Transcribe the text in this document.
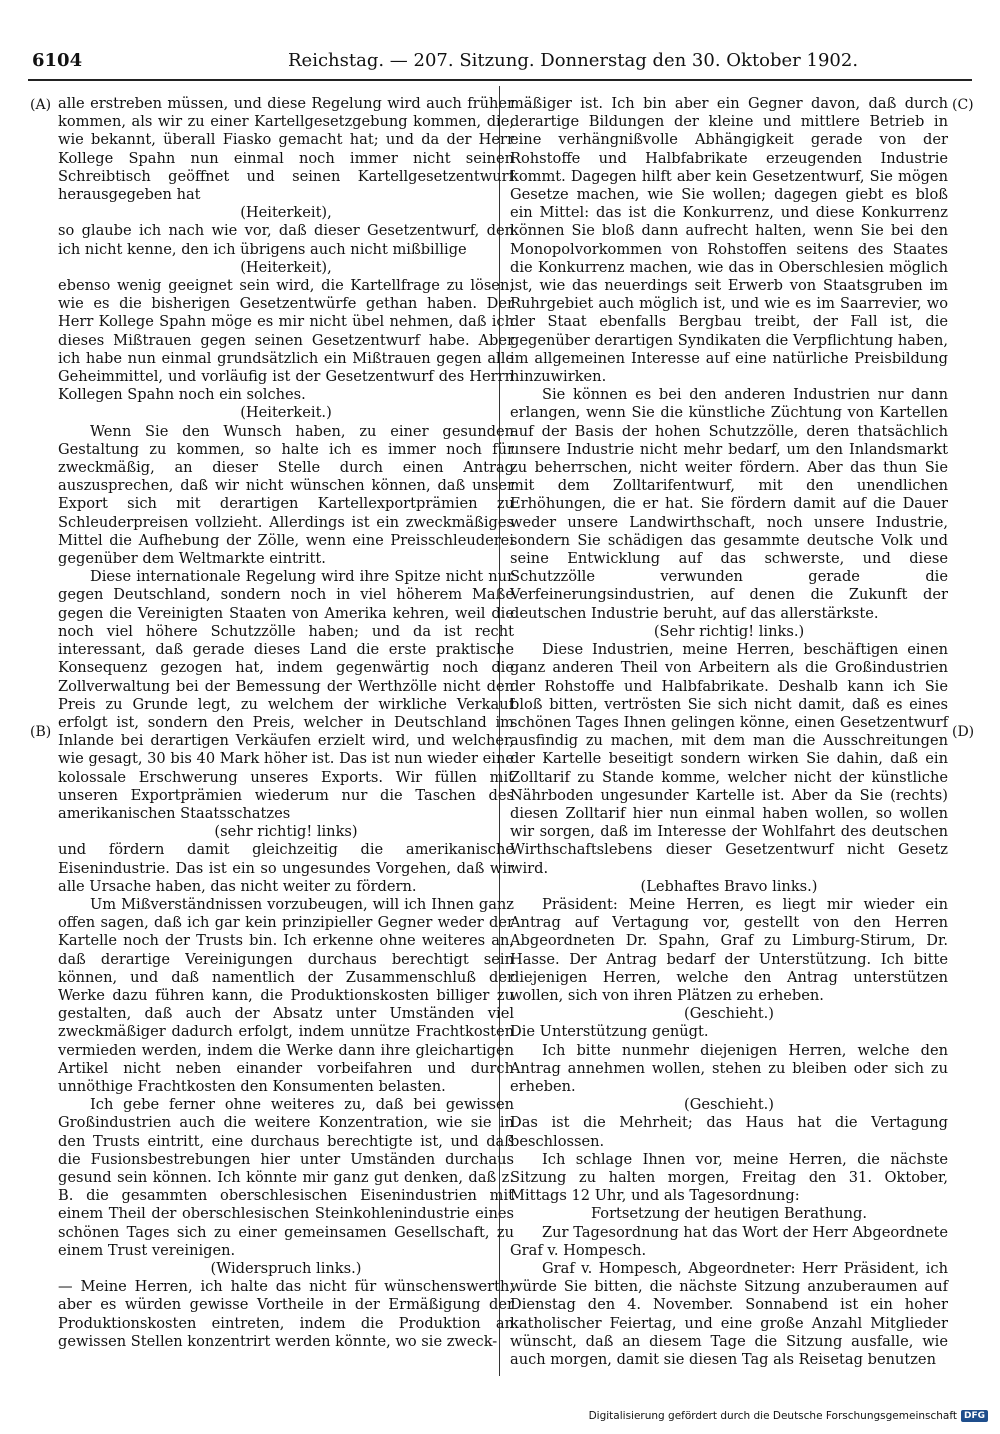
6104	Reichstag. — 207. Sitzung. Donnerstag den 30. Oktober 1902.
(A)
(B)
(C)
(D)

alle erstreben müssen, und diese Regelung wird auch früher kommen, als wir zu einer Kartellgesetzgebung kommen, die, wie bekannt, überall Fiasko gemacht hat; und da der Herr Kollege Spahn nun einmal noch immer nicht seinen Schreibtisch geöffnet und seinen Kartellgesetzentwurf herausgegeben hat

(Heiterkeit),

so glaube ich nach wie vor, daß dieser Gesetzentwurf, den ich nicht kenne, den ich übrigens auch nicht mißbillige

(Heiterkeit),

ebenso wenig geeignet sein wird, die Kartellfrage zu lösen, wie es die bisherigen Gesetzentwürfe gethan haben. Der Herr Kollege Spahn möge es mir nicht übel nehmen, daß ich dieses Mißtrauen gegen seinen Gesetzentwurf habe. Aber ich habe nun einmal grundsätzlich ein Mißtrauen gegen alle Geheimmittel, und vorläufig ist der Gesetzentwurf des Herrn Kollegen Spahn noch ein solches.

(Heiterkeit.)

Wenn Sie den Wunsch haben, zu einer gesunden Gestaltung zu kommen, so halte ich es immer noch für zweckmäßig, an dieser Stelle durch einen Antrag auszusprechen, daß wir nicht wünschen können, daß unser Export sich mit derartigen Kartellexportprämien zu Schleuderpreisen vollzieht. Allerdings ist ein zweckmäßiges Mittel die Aufhebung der Zölle, wenn eine Preisschleuderei gegenüber dem Weltmarkte eintritt.

Diese internationale Regelung wird ihre Spitze nicht nur gegen Deutschland, sondern noch in viel höherem Maße gegen die Vereinigten Staaten von Amerika kehren, weil die noch viel höhere Schutzzölle haben; und da ist recht interessant, daß gerade dieses Land die erste praktische Konsequenz gezogen hat, indem gegenwärtig noch die Zollverwaltung bei der Bemessung der Werthzölle nicht den Preis zu Grunde legt, zu welchem der wirkliche Verkauf erfolgt ist, sondern den Preis, welcher in Deutschland im Inlande bei derartigen Verkäufen erzielt wird, und welcher, wie gesagt, 30 bis 40 Mark höher ist. Das ist nun wieder eine kolossale Erschwerung unseres Exports. Wir füllen mit unseren Exportprämien wiederum nur die Taschen des amerikanischen Staatsschatzes

(sehr richtig! links)

und fördern damit gleichzeitig die amerikanische Eisenindustrie. Das ist ein so ungesundes Vorgehen, daß wir alle Ursache haben, das nicht weiter zu fördern.

Um Mißverständnissen vorzubeugen, will ich Ihnen ganz offen sagen, daß ich gar kein prinzipieller Gegner weder der Kartelle noch der Trusts bin. Ich erkenne ohne weiteres an, daß derartige Vereinigungen durchaus berechtigt sein können, und daß namentlich der Zusammenschluß der Werke dazu führen kann, die Produktionskosten billiger zu gestalten, daß auch der Absatz unter Umständen viel zweckmäßiger dadurch erfolgt, indem unnütze Frachtkosten vermieden werden, indem die Werke dann ihre gleichartigen Artikel nicht neben einander vorbeifahren und durch unnöthige Frachtkosten den Konsumenten belasten.

Ich gebe ferner ohne weiteres zu, daß bei gewissen Großindustrien auch die weitere Konzentration, wie sie in den Trusts eintritt, eine durchaus berechtigte ist, und daß die Fusionsbestrebungen hier unter Umständen durchaus gesund sein können. Ich könnte mir ganz gut denken, daß z. B. die gesammten oberschlesischen Eisenindustrien mit einem Theil der oberschlesischen Steinkohlenindustrie eines schönen Tages sich zu einer gemeinsamen Gesellschaft, zu einem Trust vereinigen.

(Widerspruch links.)

— Meine Herren, ich halte das nicht für wünschenswerth, aber es würden gewisse Vortheile in der Ermäßigung der Produktionskosten eintreten, indem die Produktion an gewissen Stellen konzentrirt werden könnte, wo sie zweck-

mäßiger ist. Ich bin aber ein Gegner davon, daß durch derartige Bildungen der kleine und mittlere Betrieb in eine verhängnißvolle Abhängigkeit gerade von der Rohstoffe und Halbfabrikate erzeugenden Industrie kommt. Dagegen hilft aber kein Gesetzentwurf, Sie mögen Gesetze machen, wie Sie wollen; dagegen giebt es bloß ein Mittel: das ist die Konkurrenz, und diese Konkurrenz können Sie bloß dann aufrecht halten, wenn Sie bei den Monopolvorkommen von Rohstoffen seitens des Staates die Konkurrenz machen, wie das in Oberschlesien möglich ist, wie das neuerdings seit Erwerb von Staatsgruben im Ruhrgebiet auch möglich ist, und wie es im Saarrevier, wo der Staat ebenfalls Bergbau treibt, der Fall ist, die gegenüber derartigen Syndikaten die Verpflichtung haben, im allgemeinen Interesse auf eine natürliche Preisbildung hinzuwirken.

Sie können es bei den anderen Industrien nur dann erlangen, wenn Sie die künstliche Züchtung von Kartellen auf der Basis der hohen Schutzzölle, deren thatsächlich unsere Industrie nicht mehr bedarf, um den Inlandsmarkt zu beherrschen, nicht weiter fördern. Aber das thun Sie mit dem Zolltarifentwurf, mit den unendlichen Erhöhungen, die er hat. Sie fördern damit auf die Dauer weder unsere Landwirthschaft, noch unsere Industrie, sondern Sie schädigen das gesammte deutsche Volk und seine Entwicklung auf das schwerste, und diese Schutzzölle verwunden gerade die Verfeinerungsindustrien, auf denen die Zukunft der deutschen Industrie beruht, auf das allerstärkste.

(Sehr richtig! links.)

Diese Industrien, meine Herren, beschäftigen einen ganz anderen Theil von Arbeitern als die Großindustrien der Rohstoffe und Halbfabrikate. Deshalb kann ich Sie bloß bitten, vertrösten Sie sich nicht damit, daß es eines schönen Tages Ihnen gelingen könne, einen Gesetzentwurf ausfindig zu machen, mit dem man die Ausschreitungen der Kartelle beseitigt sondern wirken Sie dahin, daß ein Zolltarif zu Stande komme, welcher nicht der künstliche Nährboden ungesunder Kartelle ist. Aber da Sie (rechts) diesen Zolltarif hier nun einmal haben wollen, so wollen wir sorgen, daß im Interesse der Wohlfahrt des deutschen Wirthschaftslebens dieser Gesetzentwurf nicht Gesetz wird.

(Lebhaftes Bravo links.)

Präsident: Meine Herren, es liegt mir wieder ein Antrag auf Vertagung vor, gestellt von den Herren Abgeordneten Dr. Spahn, Graf zu Limburg-Stirum, Dr. Hasse. Der Antrag bedarf der Unterstützung. Ich bitte diejenigen Herren, welche den Antrag unterstützen wollen, sich von ihren Plätzen zu erheben.

(Geschieht.)

Die Unterstützung genügt.

Ich bitte nunmehr diejenigen Herren, welche den Antrag annehmen wollen, stehen zu bleiben oder sich zu erheben.

(Geschieht.)

Das ist die Mehrheit; das Haus hat die Vertagung beschlossen.

Ich schlage Ihnen vor, meine Herren, die nächste Sitzung zu halten morgen, Freitag den 31. Oktober, Mittags 12 Uhr, und als Tagesordnung:

Fortsetzung der heutigen Berathung.

Zur Tagesordnung hat das Wort der Herr Abgeordnete Graf v. Hompesch.

Graf v. Hompesch, Abgeordneter: Herr Präsident, ich würde Sie bitten, die nächste Sitzung anzuberaumen auf Dienstag den 4. November. Sonnabend ist ein hoher katholischer Feiertag, und eine große Anzahl Mitglieder wünscht, daß an diesem Tage die Sitzung ausfalle, wie auch morgen, damit sie diesen Tag als Reisetag benutzen

Digitalisierung gefördert durch die Deutsche Forschungsgemeinschaft DFG
